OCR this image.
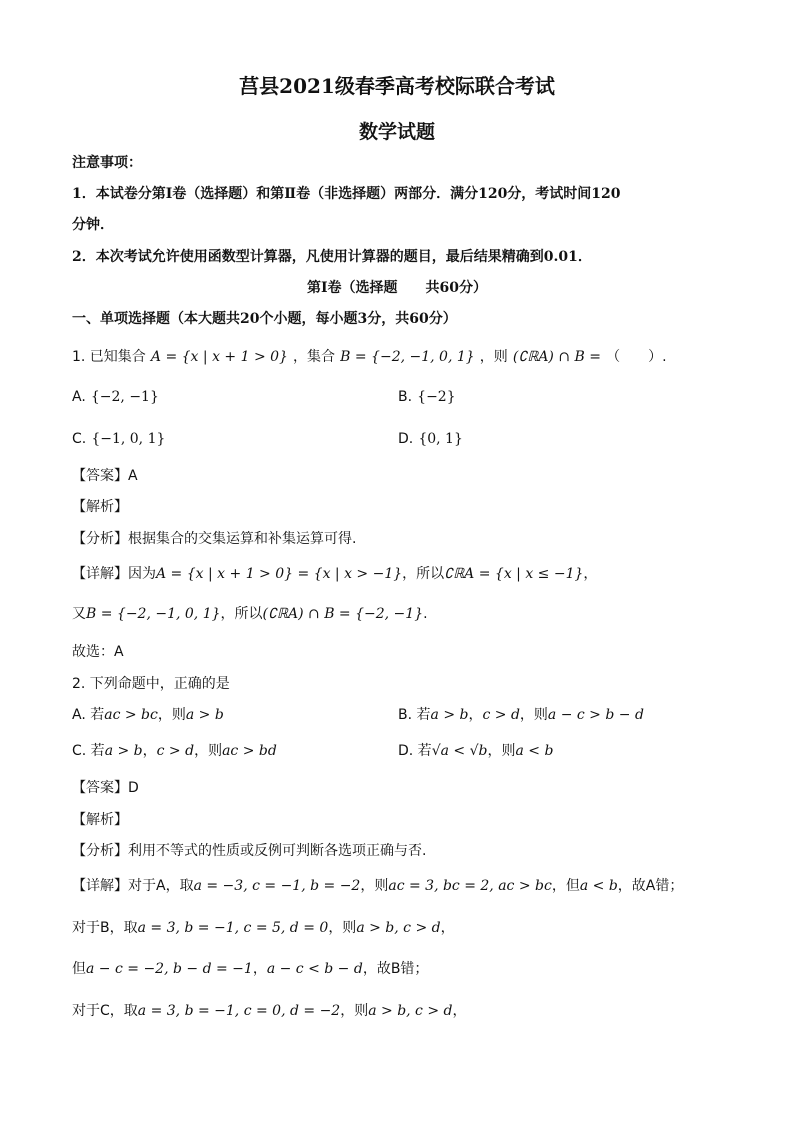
莒县2021级春季高考校际联合考试
数学试题
注意事项：
1．本试卷分第Ⅰ卷（选择题）和第Ⅱ卷（非选择题）两部分．满分120分，考试时间120
分钟．
2．本次考试允许使用函数型计算器，凡使用计算器的题目，最后结果精确到0.01．
第Ⅰ卷（选择题　　共60分）
一、单项选择题（本大题共20个小题，每小题3分，共60分）
1. 已知集合 A = {x | x + 1 > 0} ，集合 B = {−2, −1, 0, 1} ，则 (∁ℝA) ∩ B = （　　）.
A. {−2, −1}	B. {−2}
C. {−1, 0, 1}	D. {0, 1}
【答案】A
【解析】
【分析】根据集合的交集运算和补集运算可得.
【详解】因为A = {x | x + 1 > 0} = {x | x > −1}，所以∁ℝA = {x | x ≤ −1}，
又B = {−2, −1, 0, 1}，所以(∁ℝA) ∩ B = {−2, −1}.
故选：A
2. 下列命题中，正确的是
A. 若ac > bc，则a > b	B. 若a > b，c > d，则a − c > b − d
C. 若a > b，c > d，则ac > bd	D. 若√a < √b，则a < b
【答案】D
【解析】
【分析】利用不等式的性质或反例可判断各选项正确与否.
【详解】对于A，取a = −3, c = −1, b = −2，则ac = 3, bc = 2, ac > bc，但a < b，故A错；
对于B，取a = 3, b = −1, c = 5, d = 0，则a > b, c > d，
但a − c = −2, b − d = −1，a − c < b − d，故B错；
对于C，取a = 3, b = −1, c = 0, d = −2，则a > b, c > d，
